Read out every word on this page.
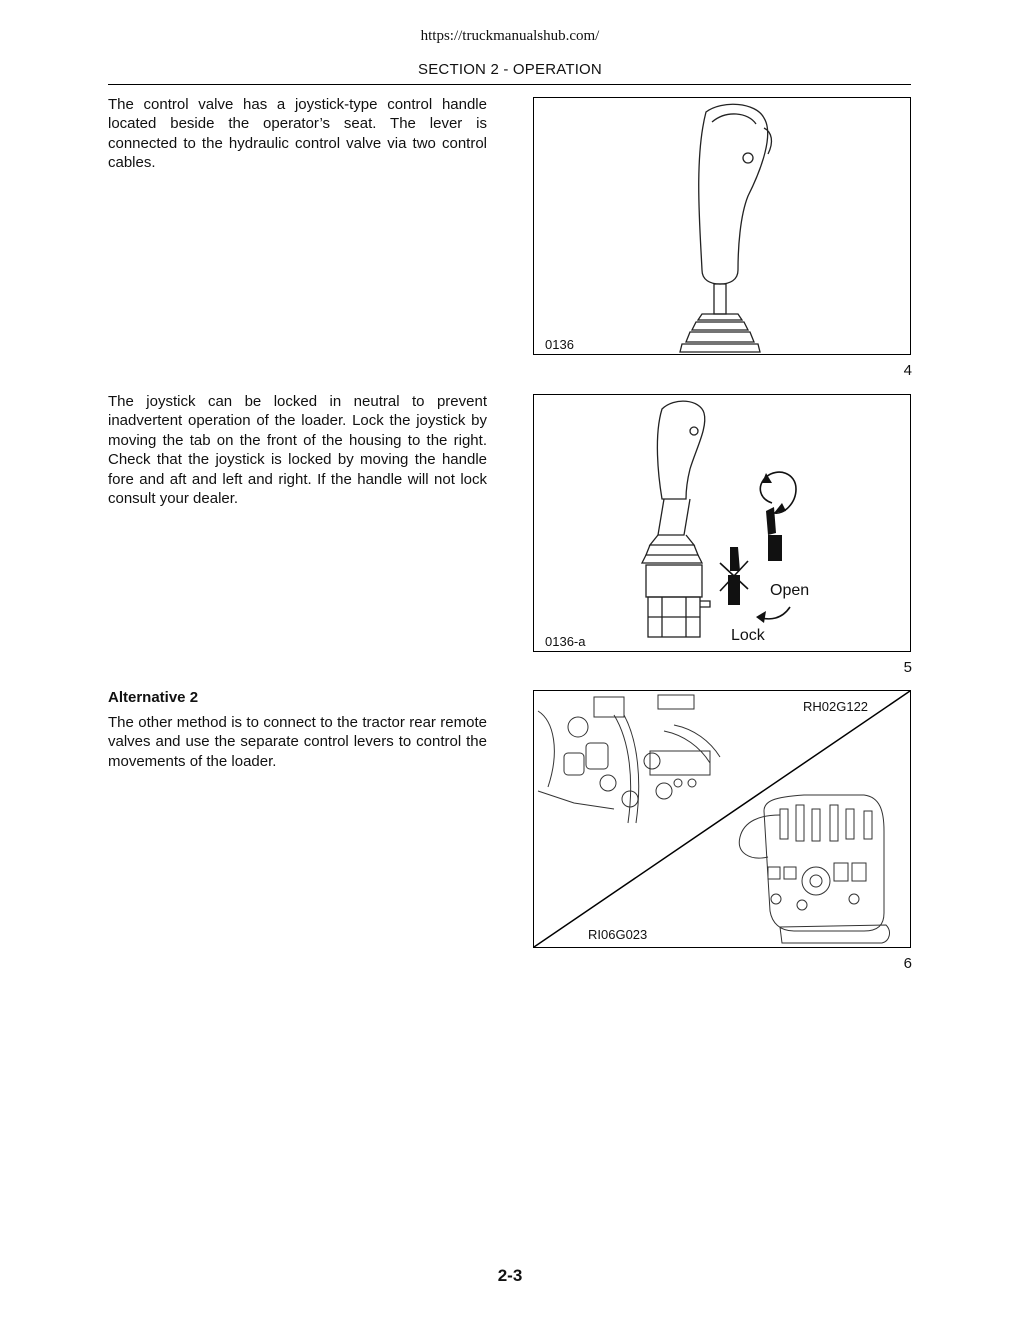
https://truckmanualshub.com/
SECTION 2 - OPERATION

The control valve has a joystick-type control handle located beside the operator’s seat. The lever is connected to the hydraulic control valve via two control cables.

0136
4

The joystick can be locked in neutral to prevent inadvertent operation of the loader. Lock the joystick by moving the tab on the front of the housing to the right. Check that the joystick is locked by moving the handle fore and aft and left and right. If the handle will not lock consult your dealer.

Open
Lock
0136-a
5
Alternative 2

The other method is to connect to the tractor rear remote valves and use the separate control levers to control the movements of the loader.

RH02G122
RI06G023
6
2-3
